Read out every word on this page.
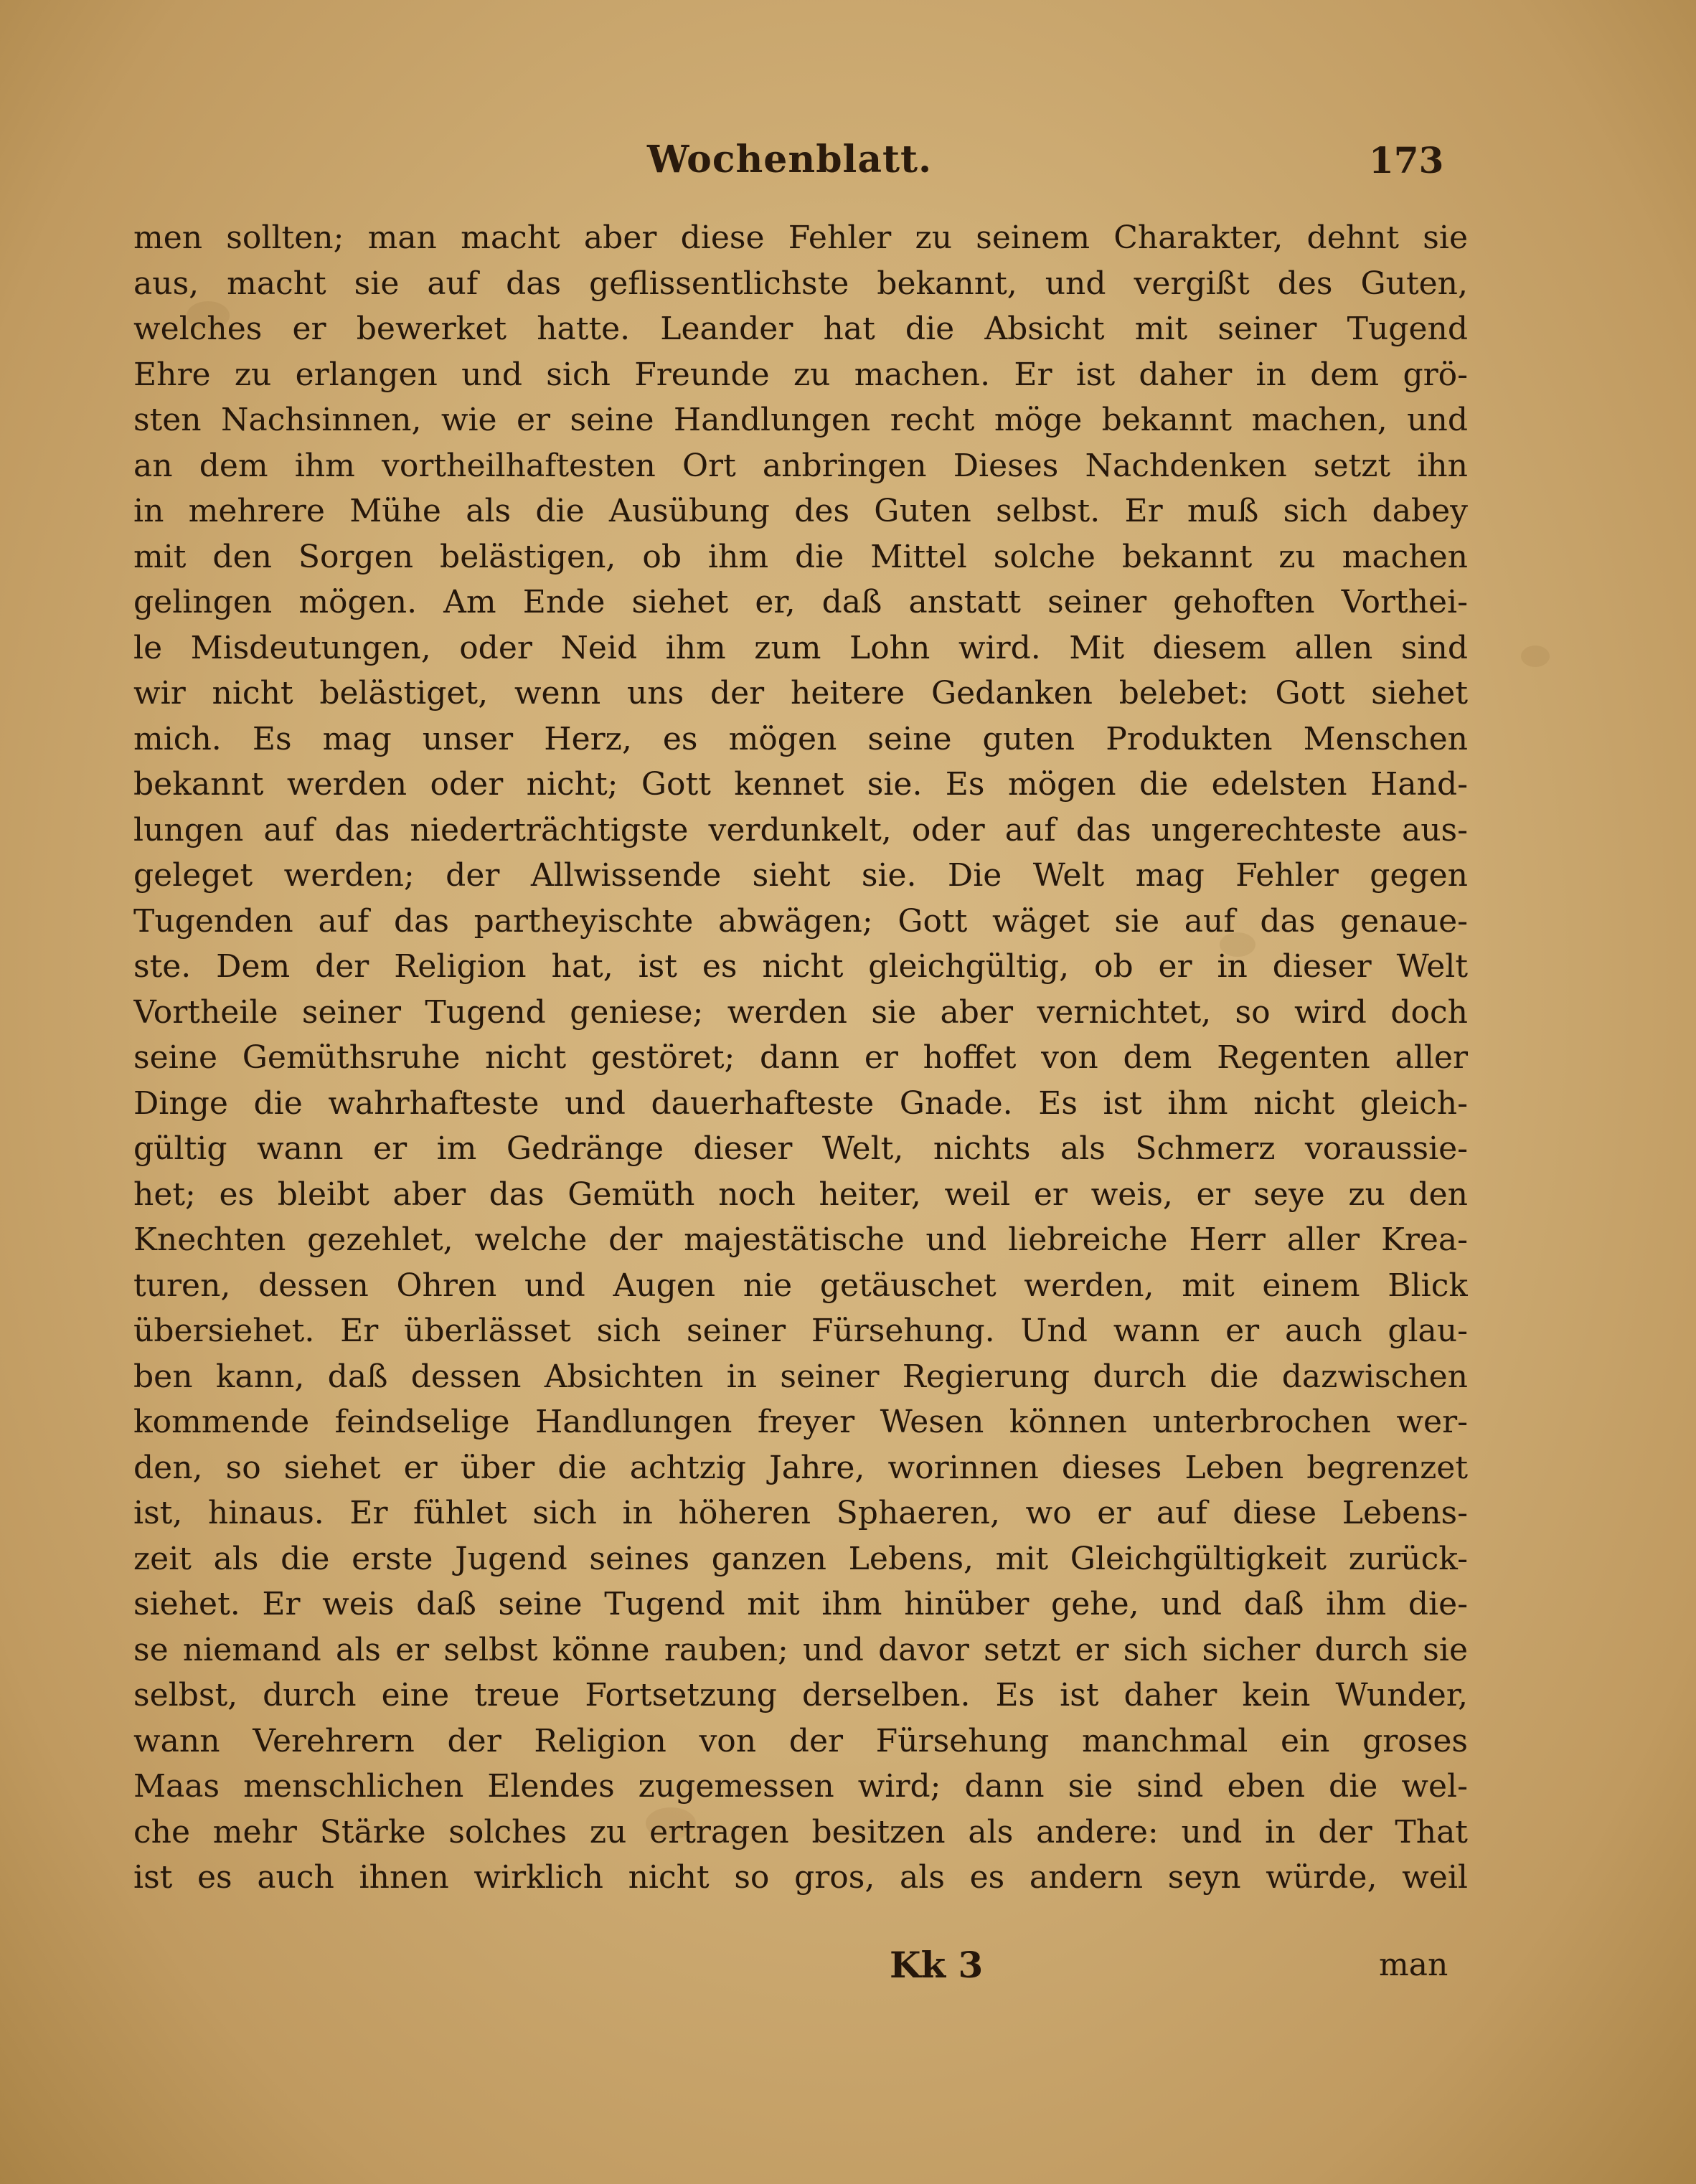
Wochenblatt.	173
men sollten; man macht aber diese Fehler zu seinem Charakter, dehnt sie
aus, macht sie auf das geflissentlichste bekannt, und vergißt des Guten,
welches er bewerket hatte. Leander hat die Absicht mit seiner Tugend
Ehre zu erlangen und sich Freunde zu machen. Er ist daher in dem grö-
sten Nachsinnen, wie er seine Handlungen recht möge bekannt machen, und
an dem ihm vortheilhaftesten Ort anbringen Dieses Nachdenken setzt ihn
in mehrere Mühe als die Ausübung des Guten selbst. Er muß sich dabey
mit den Sorgen belästigen, ob ihm die Mittel solche bekannt zu machen
gelingen mögen. Am Ende siehet er, daß anstatt seiner gehoften Vorthei-
le Misdeutungen, oder Neid ihm zum Lohn wird. Mit diesem allen sind
wir nicht belästiget, wenn uns der heitere Gedanken belebet: Gott siehet
mich. Es mag unser Herz, es mögen seine guten Produkten Menschen
bekannt werden oder nicht; Gott kennet sie. Es mögen die edelsten Hand-
lungen auf das niederträchtigste verdunkelt, oder auf das ungerechteste aus-
geleget werden; der Allwissende sieht sie. Die Welt mag Fehler gegen
Tugenden auf das partheyischte abwägen; Gott wäget sie auf das genaue-
ste. Dem der Religion hat, ist es nicht gleichgültig, ob er in dieser Welt
Vortheile seiner Tugend geniese; werden sie aber vernichtet, so wird doch
seine Gemüthsruhe nicht gestöret; dann er hoffet von dem Regenten aller
Dinge die wahrhafteste und dauerhafteste Gnade. Es ist ihm nicht gleich-
gültig wann er im Gedränge dieser Welt, nichts als Schmerz voraussie-
het; es bleibt aber das Gemüth noch heiter, weil er weis, er seye zu den
Knechten gezehlet, welche der majestätische und liebreiche Herr aller Krea-
turen, dessen Ohren und Augen nie getäuschet werden, mit einem Blick
übersiehet. Er überlässet sich seiner Fürsehung. Und wann er auch glau-
ben kann, daß dessen Absichten in seiner Regierung durch die dazwischen
kommende feindselige Handlungen freyer Wesen können unterbrochen wer-
den, so siehet er über die achtzig Jahre, worinnen dieses Leben begrenzet
ist, hinaus. Er fühlet sich in höheren Sphaeren, wo er auf diese Lebens-
zeit als die erste Jugend seines ganzen Lebens, mit Gleichgültigkeit zurück-
siehet. Er weis daß seine Tugend mit ihm hinüber gehe, und daß ihm die-
se niemand als er selbst könne rauben; und davor setzt er sich sicher durch sie
selbst, durch eine treue Fortsetzung derselben. Es ist daher kein Wunder,
wann Verehrern der Religion von der Fürsehung manchmal ein groses
Maas menschlichen Elendes zugemessen wird; dann sie sind eben die wel-
che mehr Stärke solches zu ertragen besitzen als andere: und in der That
ist es auch ihnen wirklich nicht so gros, als es andern seyn würde, weil
Kk 3	man
